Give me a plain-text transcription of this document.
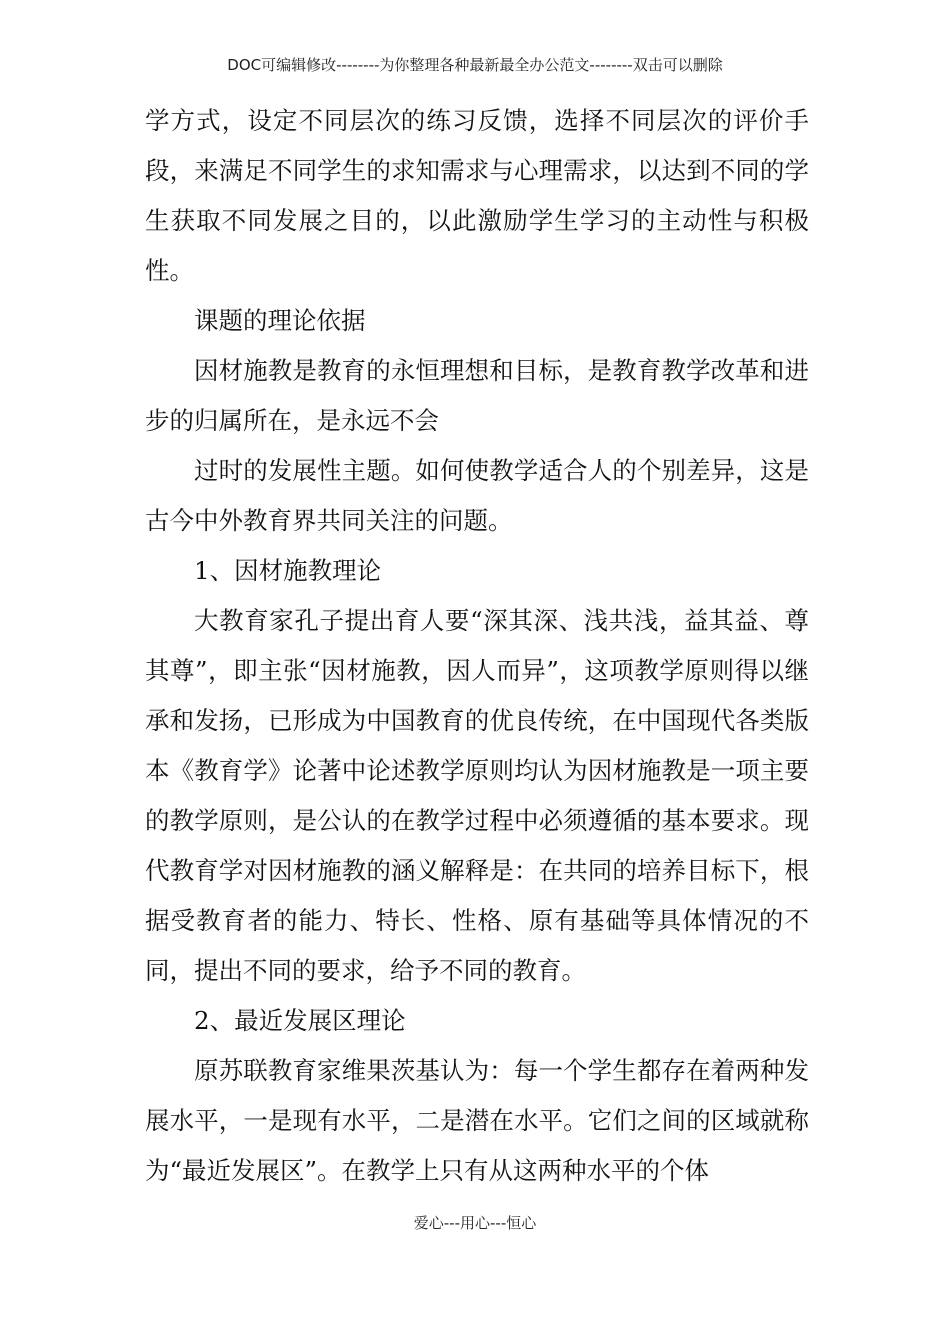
DOC可编辑修改--------为你整理各种最新最全办公范文--------双击可以删除

学方式，设定不同层次的练习反馈，选择不同层次的评价手段，来满足不同学生的求知需求与心理需求，以达到不同的学生获取不同发展之目的，以此激励学生学习的主动性与积极性。

课题的理论依据

因材施教是教育的永恒理想和目标，是教育教学改革和进步的归属所在，是永远不会

过时的发展性主题。如何使教学适合人的个别差异，这是古今中外教育界共同关注的问题。

1、因材施教理论

大教育家孔子提出育人要“深其深、浅共浅，益其益、尊其尊”，即主张“因材施教，因人而异”，这项教学原则得以继承和发扬，已形成为中国教育的优良传统，在中国现代各类版本《教育学》论著中论述教学原则均认为因材施教是一项主要的教学原则，是公认的在教学过程中必须遵循的基本要求。现代教育学对因材施教的涵义解释是：在共同的培养目标下，根据受教育者的能力、特长、性格、原有基础等具体情况的不同，提出不同的要求，给予不同的教育。

2、最近发展区理论

原苏联教育家维果茨基认为：每一个学生都存在着两种发展水平，一是现有水平，二是潜在水平。它们之间的区域就称为“最近发展区”。在教学上只有从这两种水平的个体

爱心---用心---恒心
